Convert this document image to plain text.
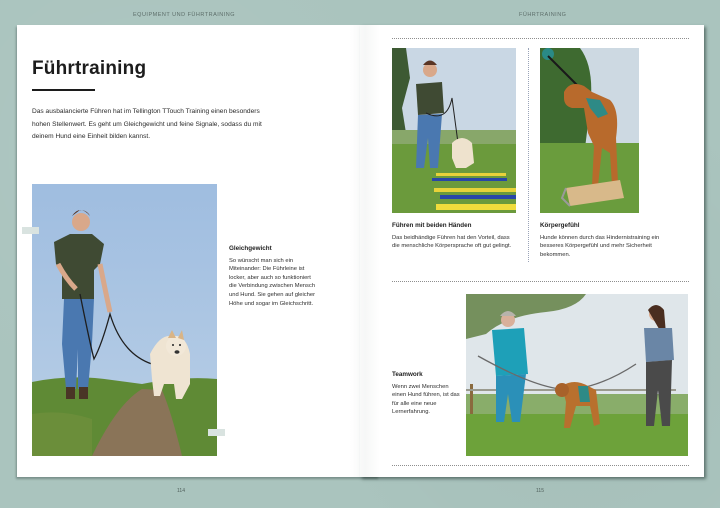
EQUIPMENT UND FÜHRTRAINING	FÜHRTRAINING
Führtraining

Das ausbalancierte Führen hat im Tellington TTouch Training einen besonders hohen Stellenwert. Es geht um Gleichgewicht und feine Signale, sodass du mit deinem Hund eine Einheit bilden kannst.

Gleichgewicht
So wünscht man sich ein Miteinander: Die Führleine ist locker, aber auch so funktioniert die Verbindung zwischen Mensch und Hund. Sie gehen auf gleicher Höhe und sogar im Gleichschritt.
Führen mit beiden Händen
Das beidhändige Führen hat den Vorteil, dass die menschliche Körpersprache oft gut gelingt.
Körpergefühl
Hunde können durch das Hindernistraining ein besseres Körpergefühl und mehr Sicherheit bekommen.
Teamwork
Wenn zwei Menschen einen Hund führen, ist das für alle eine neue Lernerfahrung.
114	115
